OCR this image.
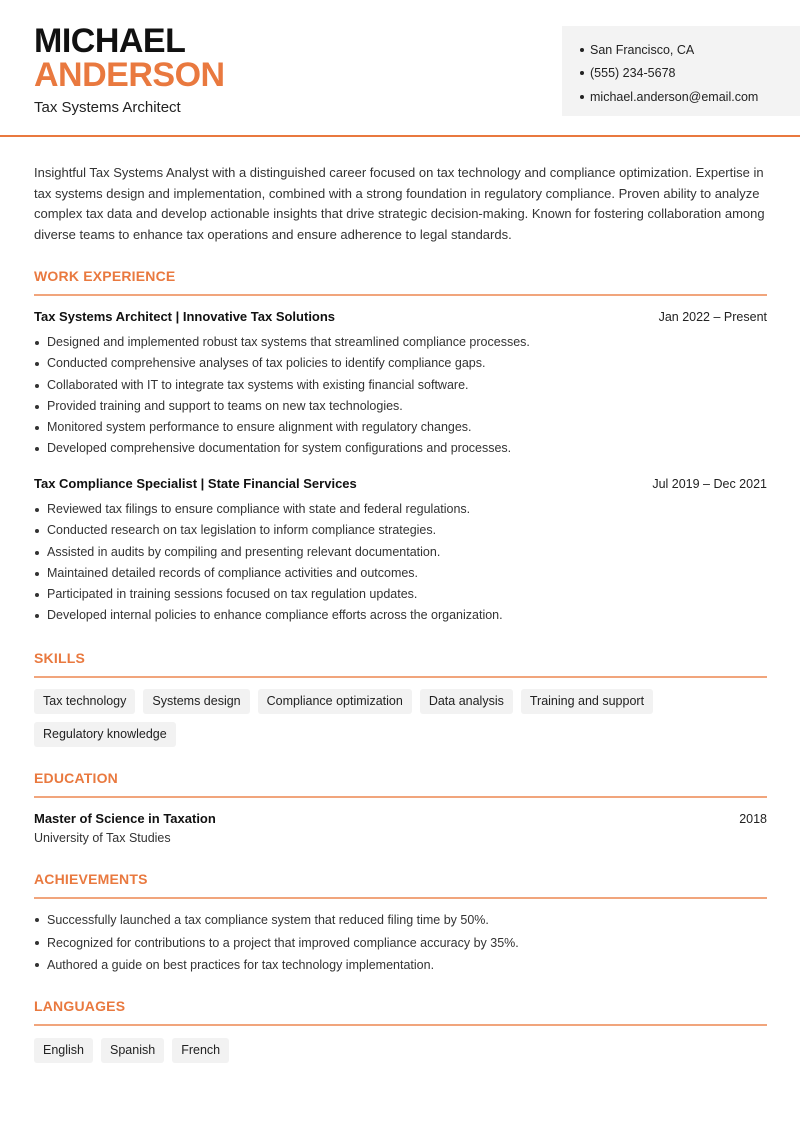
MICHAEL
ANDERSON
Tax Systems Architect
San Francisco, CA
(555) 234-5678
michael.anderson@email.com
Insightful Tax Systems Analyst with a distinguished career focused on tax technology and compliance optimization. Expertise in tax systems design and implementation, combined with a strong foundation in regulatory compliance. Proven ability to analyze complex tax data and develop actionable insights that drive strategic decision-making. Known for fostering collaboration among diverse teams to enhance tax operations and ensure adherence to legal standards.
WORK EXPERIENCE
Tax Systems Architect | Innovative Tax Solutions	Jan 2022 – Present
Designed and implemented robust tax systems that streamlined compliance processes.
Conducted comprehensive analyses of tax policies to identify compliance gaps.
Collaborated with IT to integrate tax systems with existing financial software.
Provided training and support to teams on new tax technologies.
Monitored system performance to ensure alignment with regulatory changes.
Developed comprehensive documentation for system configurations and processes.
Tax Compliance Specialist | State Financial Services	Jul 2019 – Dec 2021
Reviewed tax filings to ensure compliance with state and federal regulations.
Conducted research on tax legislation to inform compliance strategies.
Assisted in audits by compiling and presenting relevant documentation.
Maintained detailed records of compliance activities and outcomes.
Participated in training sessions focused on tax regulation updates.
Developed internal policies to enhance compliance efforts across the organization.
SKILLS
Tax technology	Systems design	Compliance optimization	Data analysis	Training and support
Regulatory knowledge
EDUCATION
Master of Science in Taxation	2018
University of Tax Studies
ACHIEVEMENTS
Successfully launched a tax compliance system that reduced filing time by 50%.
Recognized for contributions to a project that improved compliance accuracy by 35%.
Authored a guide on best practices for tax technology implementation.
LANGUAGES
English	Spanish	French
